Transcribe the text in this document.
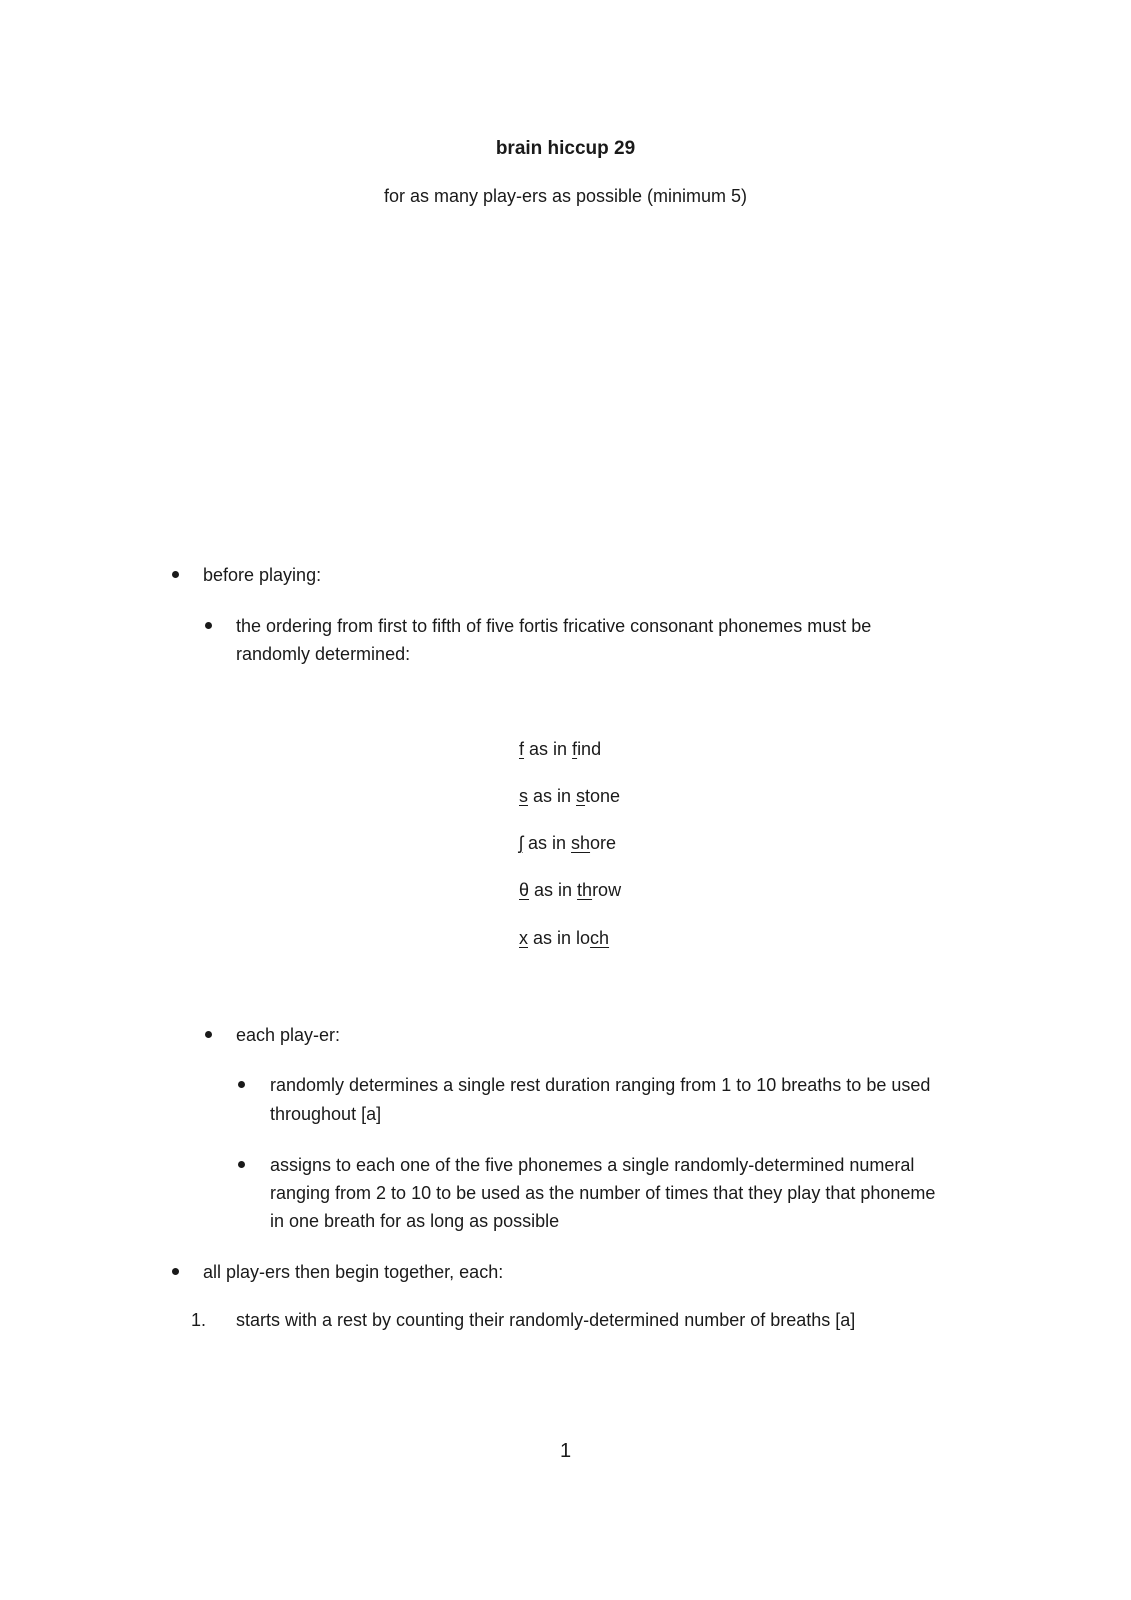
brain hiccup 29

for as many play-ers as possible (minimum 5)

before playing:

the ordering from first to fifth of five fortis fricative consonant phonemes must be

randomly determined:

f as in find

s as in stone

ʃ as in shore

θ as in throw

x as in loch

each play-er:

randomly determines a single rest duration ranging from 1 to 10 breaths to be used

throughout [a]

assigns to each one of the five phonemes a single randomly-determined numeral

ranging from 2 to 10 to be used as the number of times that they play that phoneme

in one breath for as long as possible

all play-ers then begin together, each:

1. starts with a rest by counting their randomly-determined number of breaths [a]

1
